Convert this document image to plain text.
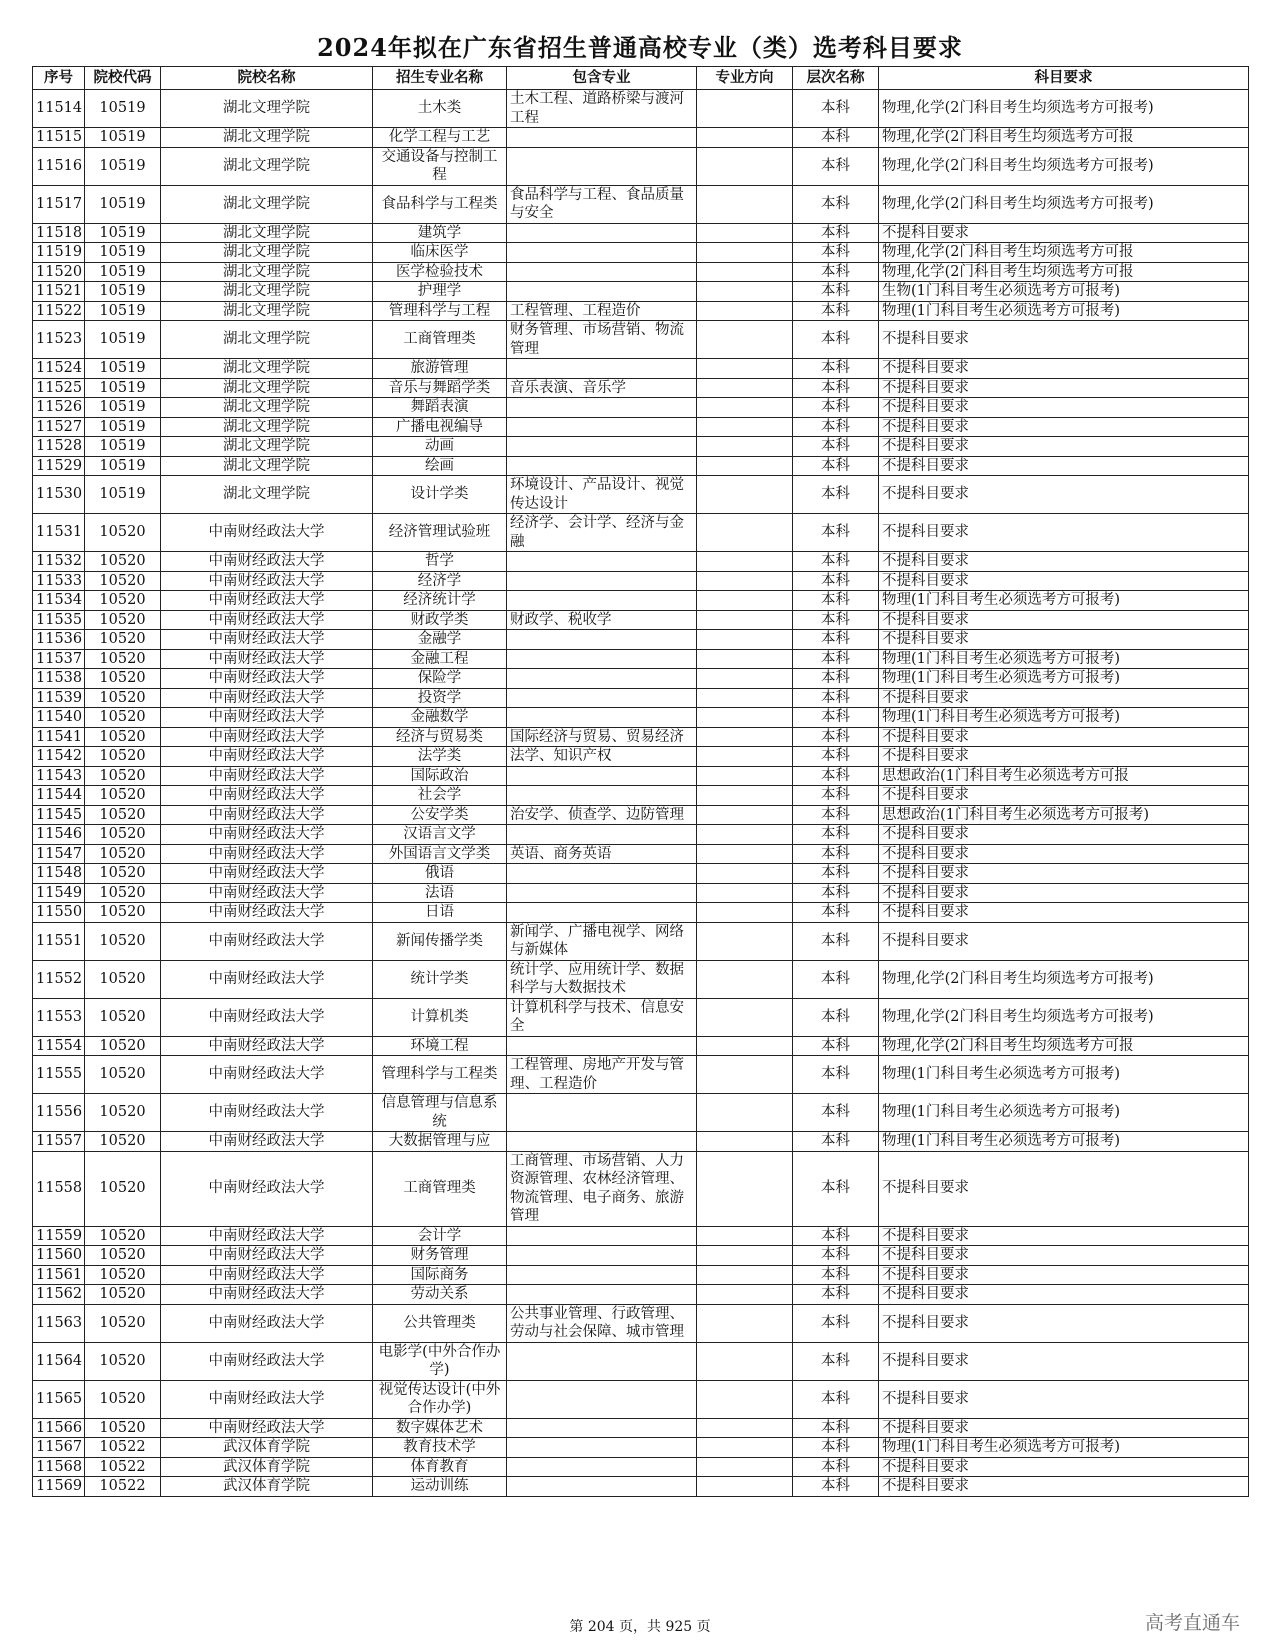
2024年拟在广东省招生普通高校专业（类）选考科目要求
序号	院校代码	院校名称	招生专业名称	包含专业	专业方向	层次名称	科目要求
11514	10519	湖北文理学院	土木类	土木工程、道路桥梁与渡河工程		本科	物理,化学(2门科目考生均须选考方可报考)
11515	10519	湖北文理学院	化学工程与工艺			本科	物理,化学(2门科目考生均须选考方可报
11516	10519	湖北文理学院	交通设备与控制工程			本科	物理,化学(2门科目考生均须选考方可报考)
11517	10519	湖北文理学院	食品科学与工程类	食品科学与工程、食品质量与安全		本科	物理,化学(2门科目考生均须选考方可报考)
11518	10519	湖北文理学院	建筑学			本科	不提科目要求
11519	10519	湖北文理学院	临床医学			本科	物理,化学(2门科目考生均须选考方可报
11520	10519	湖北文理学院	医学检验技术			本科	物理,化学(2门科目考生均须选考方可报
11521	10519	湖北文理学院	护理学			本科	生物(1门科目考生必须选考方可报考)
11522	10519	湖北文理学院	管理科学与工程	工程管理、工程造价		本科	物理(1门科目考生必须选考方可报考)
11523	10519	湖北文理学院	工商管理类	财务管理、市场营销、物流管理		本科	不提科目要求
11524	10519	湖北文理学院	旅游管理			本科	不提科目要求
11525	10519	湖北文理学院	音乐与舞蹈学类	音乐表演、音乐学		本科	不提科目要求
11526	10519	湖北文理学院	舞蹈表演			本科	不提科目要求
11527	10519	湖北文理学院	广播电视编导			本科	不提科目要求
11528	10519	湖北文理学院	动画			本科	不提科目要求
11529	10519	湖北文理学院	绘画			本科	不提科目要求
11530	10519	湖北文理学院	设计学类	环境设计、产品设计、视觉传达设计		本科	不提科目要求
11531	10520	中南财经政法大学	经济管理试验班	经济学、会计学、经济与金融		本科	不提科目要求
11532	10520	中南财经政法大学	哲学			本科	不提科目要求
11533	10520	中南财经政法大学	经济学			本科	不提科目要求
11534	10520	中南财经政法大学	经济统计学			本科	物理(1门科目考生必须选考方可报考)
11535	10520	中南财经政法大学	财政学类	财政学、税收学		本科	不提科目要求
11536	10520	中南财经政法大学	金融学			本科	不提科目要求
11537	10520	中南财经政法大学	金融工程			本科	物理(1门科目考生必须选考方可报考)
11538	10520	中南财经政法大学	保险学			本科	物理(1门科目考生必须选考方可报考)
11539	10520	中南财经政法大学	投资学			本科	不提科目要求
11540	10520	中南财经政法大学	金融数学			本科	物理(1门科目考生必须选考方可报考)
11541	10520	中南财经政法大学	经济与贸易类	国际经济与贸易、贸易经济		本科	不提科目要求
11542	10520	中南财经政法大学	法学类	法学、知识产权		本科	不提科目要求
11543	10520	中南财经政法大学	国际政治			本科	思想政治(1门科目考生必须选考方可报
11544	10520	中南财经政法大学	社会学			本科	不提科目要求
11545	10520	中南财经政法大学	公安学类	治安学、侦查学、边防管理		本科	思想政治(1门科目考生必须选考方可报考)
11546	10520	中南财经政法大学	汉语言文学			本科	不提科目要求
11547	10520	中南财经政法大学	外国语言文学类	英语、商务英语		本科	不提科目要求
11548	10520	中南财经政法大学	俄语			本科	不提科目要求
11549	10520	中南财经政法大学	法语			本科	不提科目要求
11550	10520	中南财经政法大学	日语			本科	不提科目要求
11551	10520	中南财经政法大学	新闻传播学类	新闻学、广播电视学、网络与新媒体		本科	不提科目要求
11552	10520	中南财经政法大学	统计学类	统计学、应用统计学、数据科学与大数据技术		本科	物理,化学(2门科目考生均须选考方可报考)
11553	10520	中南财经政法大学	计算机类	计算机科学与技术、信息安全		本科	物理,化学(2门科目考生均须选考方可报考)
11554	10520	中南财经政法大学	环境工程			本科	物理,化学(2门科目考生均须选考方可报
11555	10520	中南财经政法大学	管理科学与工程类	工程管理、房地产开发与管理、工程造价		本科	物理(1门科目考生必须选考方可报考)
11556	10520	中南财经政法大学	信息管理与信息系统			本科	物理(1门科目考生必须选考方可报考)
11557	10520	中南财经政法大学	大数据管理与应			本科	物理(1门科目考生必须选考方可报考)
11558	10520	中南财经政法大学	工商管理类	工商管理、市场营销、人力资源管理、农林经济管理、物流管理、电子商务、旅游管理		本科	不提科目要求
11559	10520	中南财经政法大学	会计学			本科	不提科目要求
11560	10520	中南财经政法大学	财务管理			本科	不提科目要求
11561	10520	中南财经政法大学	国际商务			本科	不提科目要求
11562	10520	中南财经政法大学	劳动关系			本科	不提科目要求
11563	10520	中南财经政法大学	公共管理类	公共事业管理、行政管理、劳动与社会保障、城市管理		本科	不提科目要求
11564	10520	中南财经政法大学	电影学(中外合作办学)			本科	不提科目要求
11565	10520	中南财经政法大学	视觉传达设计(中外合作办学)			本科	不提科目要求
11566	10520	中南财经政法大学	数字媒体艺术			本科	不提科目要求
11567	10522	武汉体育学院	教育技术学			本科	物理(1门科目考生必须选考方可报考)
11568	10522	武汉体育学院	体育教育			本科	不提科目要求
11569	10522	武汉体育学院	运动训练			本科	不提科目要求
第 204 页，共 925 页	高考直通车
